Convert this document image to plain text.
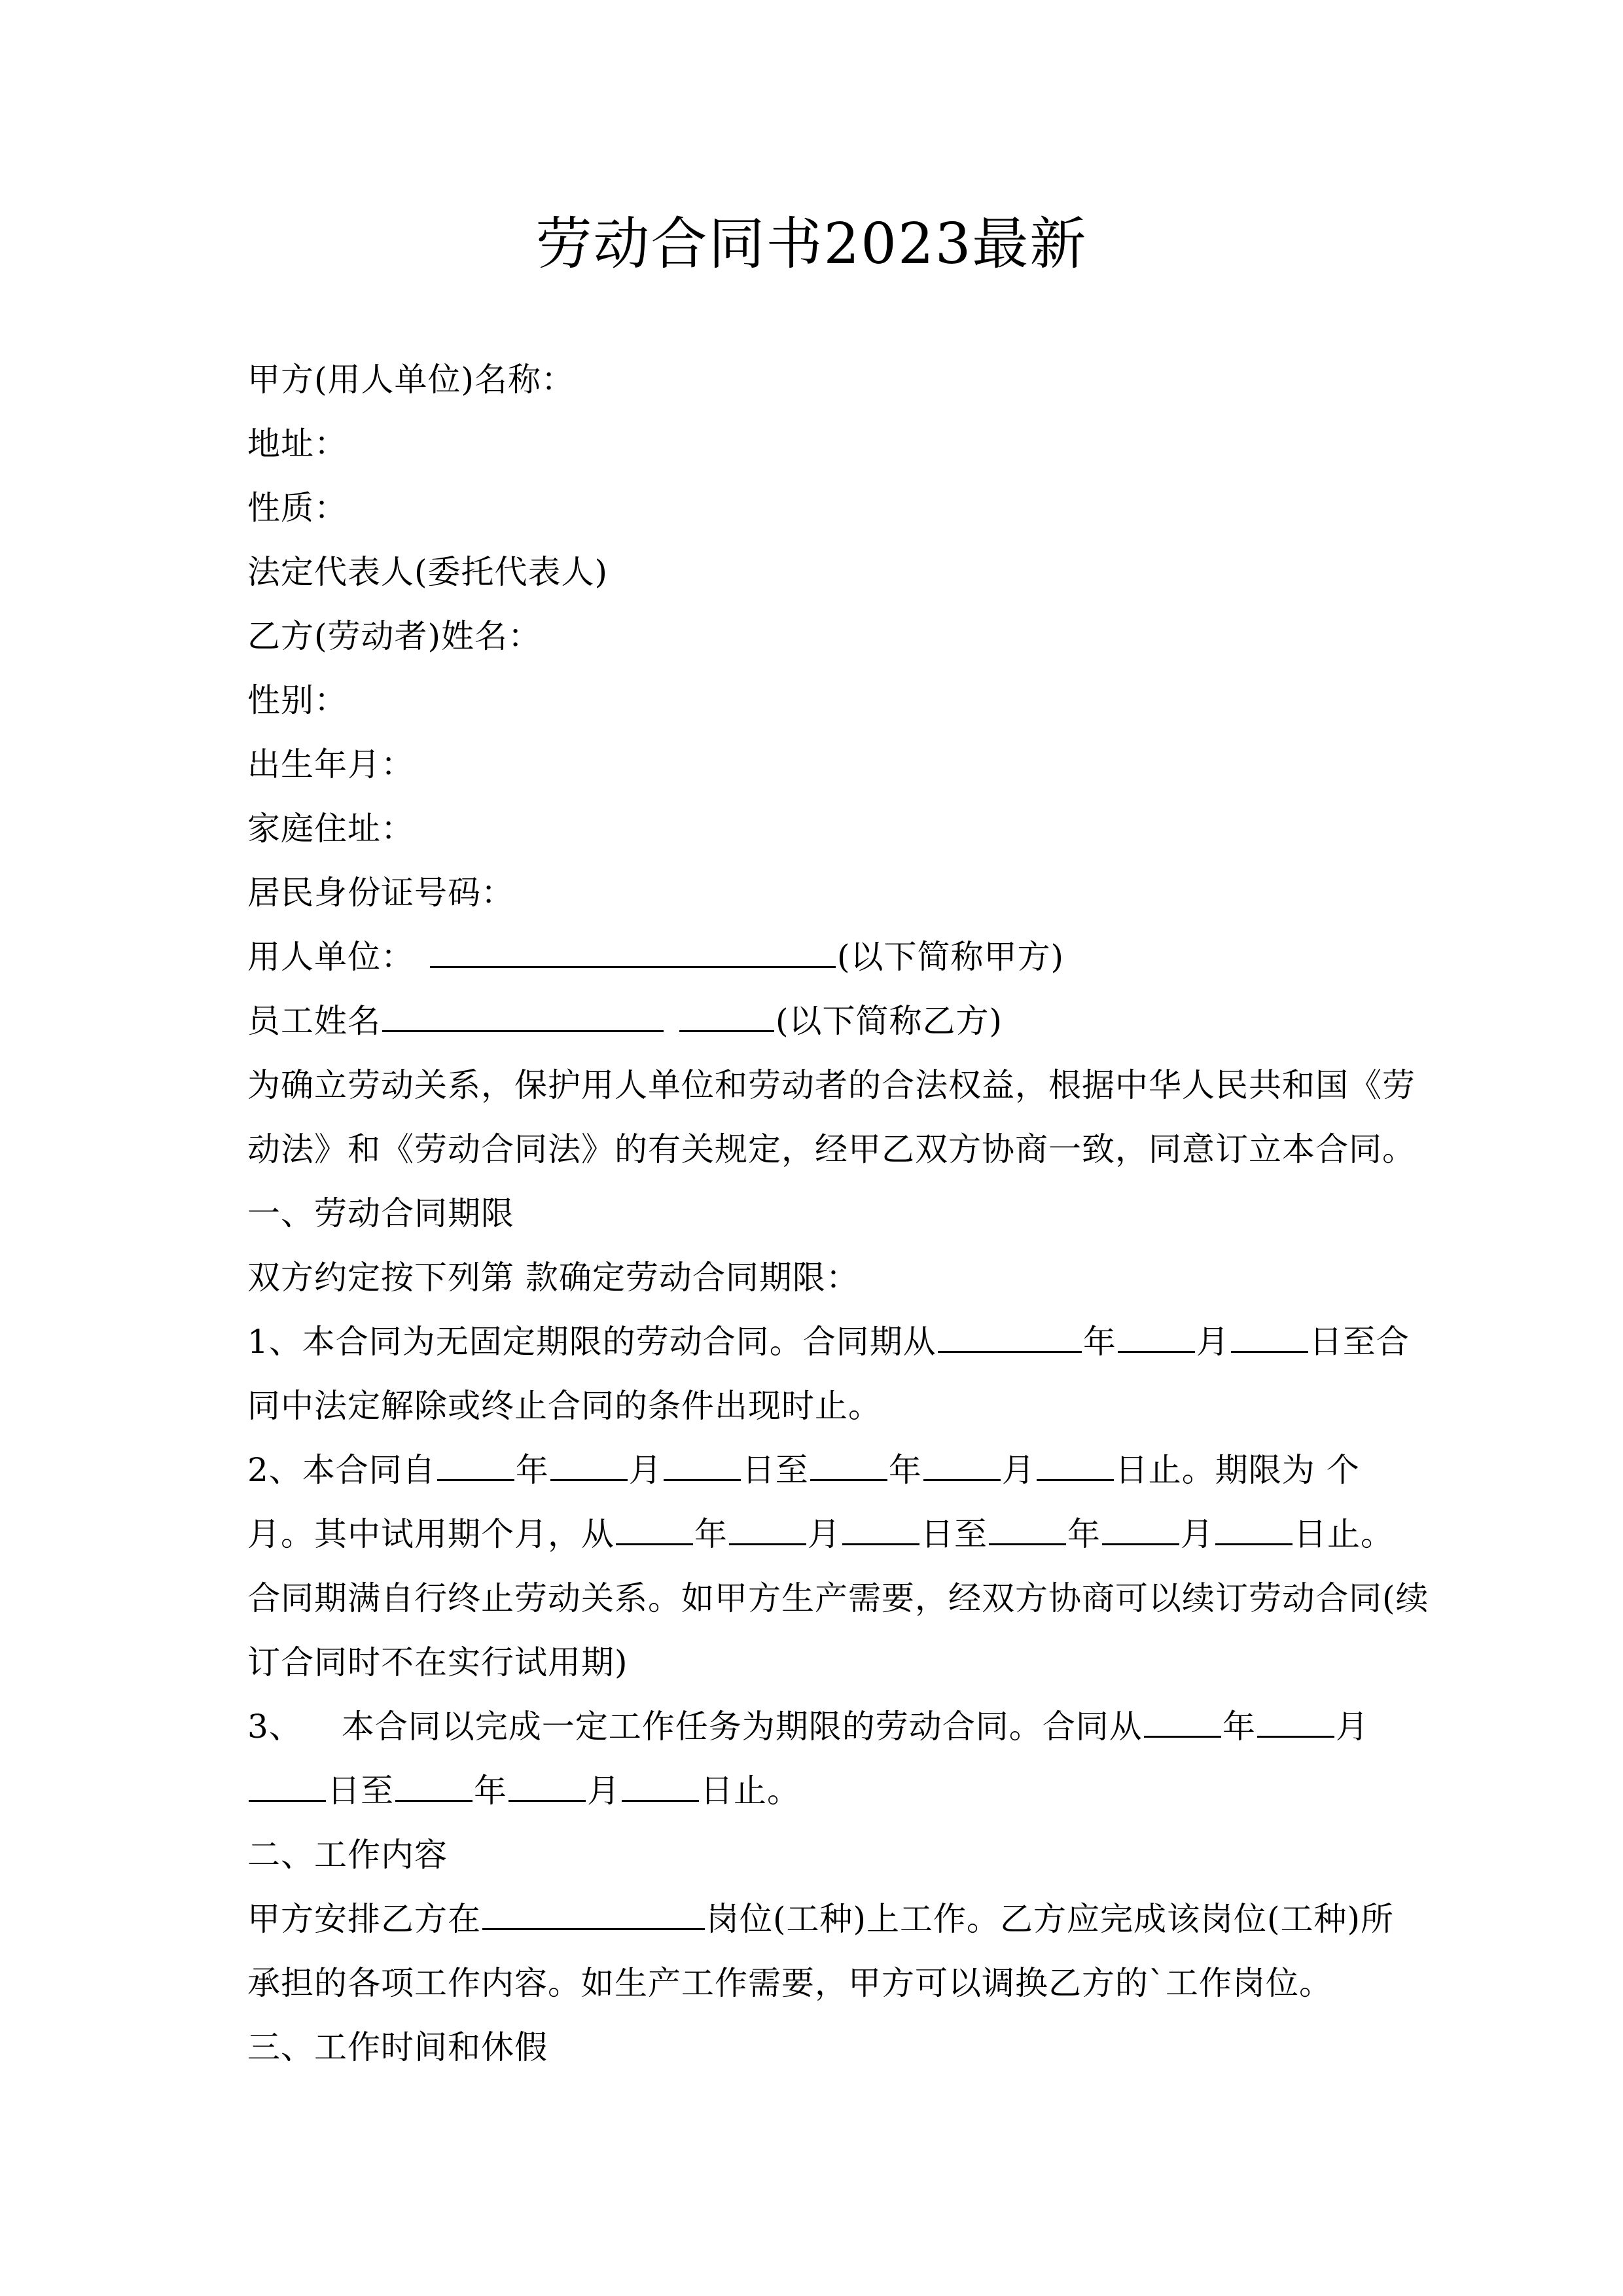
劳动合同书2023最新
甲方(用人单位)名称：
地址：
性质：
法定代表人(委托代表人)
乙方(劳动者)姓名：
性别：
出生年月：
家庭住址：
居民身份证号码：
用人单位：	(以下简称甲方)
员工姓名	(以下简称乙方)
为确立劳动关系，保护用人单位和劳动者的合法权益，根据中华人民共和国《劳
动法》和《劳动合同法》的有关规定，经甲乙双方协商一致，同意订立本合同。
一、劳动合同期限
双方约定按下列第 款确定劳动合同期限：
1、本合同为无固定期限的劳动合同。合同期从	年 月 日至合
同中法定解除或终止合同的条件出现时止。
2、本合同自 年 月 日至 年 月 日止。期限为 个
月。其中试用期个月，从 年 月 日至 年 月 日止。
合同期满自行终止劳动关系。如甲方生产需要，经双方协商可以续订劳动合同(续
订合同时不在实行试用期)
3、 本合同以完成一定工作任务为期限的劳动合同。合同从 年 月
日至 年 月 日止。
二、工作内容
甲方安排乙方在	岗位(工种)上工作。乙方应完成该岗位(工种)所
承担的各项工作内容。如生产工作需要，甲方可以调换乙方的`工作岗位。
三、工作时间和休假
